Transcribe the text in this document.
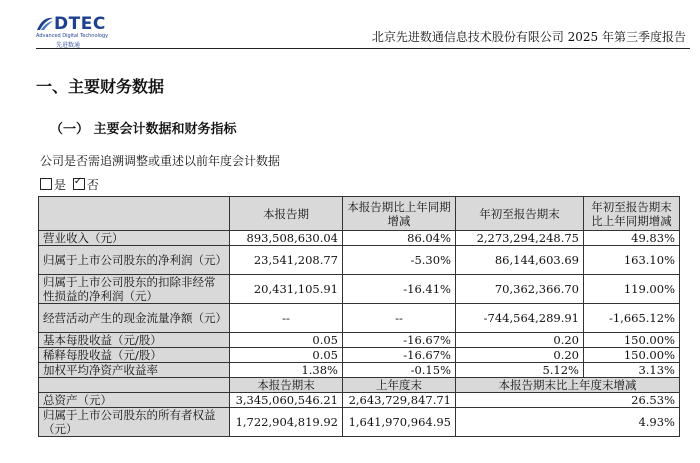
DTEC
Advanced Digital Technology
先进数通
北京先进数通信息技术股份有限公司 2025 年第三季度报告
一、主要财务数据
（一） 主要会计数据和财务指标
公司是否需追溯调整或重述以前年度会计数据
是 ✓ 否
	本报告期	本报告期比上年同期增减	年初至报告期末	年初至报告期末比上年同期增减
营业收入（元）	893,508,630.04	86.04%	2,273,294,248.75	49.83%
归属于上市公司股东的净利润（元）	23,541,208.77	-5.30%	86,144,603.69	163.10%
归属于上市公司股东的扣除非经常性损益的净利润（元）	20,431,105.91	-16.41%	70,362,366.70	119.00%
经营活动产生的现金流量净额（元）	--	--	-744,564,289.91	-1,665.12%
基本每股收益（元/股）	0.05	-16.67%	0.20	150.00%
稀释每股收益（元/股）	0.05	-16.67%	0.20	150.00%
加权平均净资产收益率	1.38%	-0.15%	5.12%	3.13%
	本报告期末	上年度末	本报告期末比上年度末增减	
总资产（元）	3,345,060,546.21	2,643,729,847.71	26.53%	
归属于上市公司股东的所有者权益（元）	1,722,904,819.92	1,641,970,964.95	4.93%	
